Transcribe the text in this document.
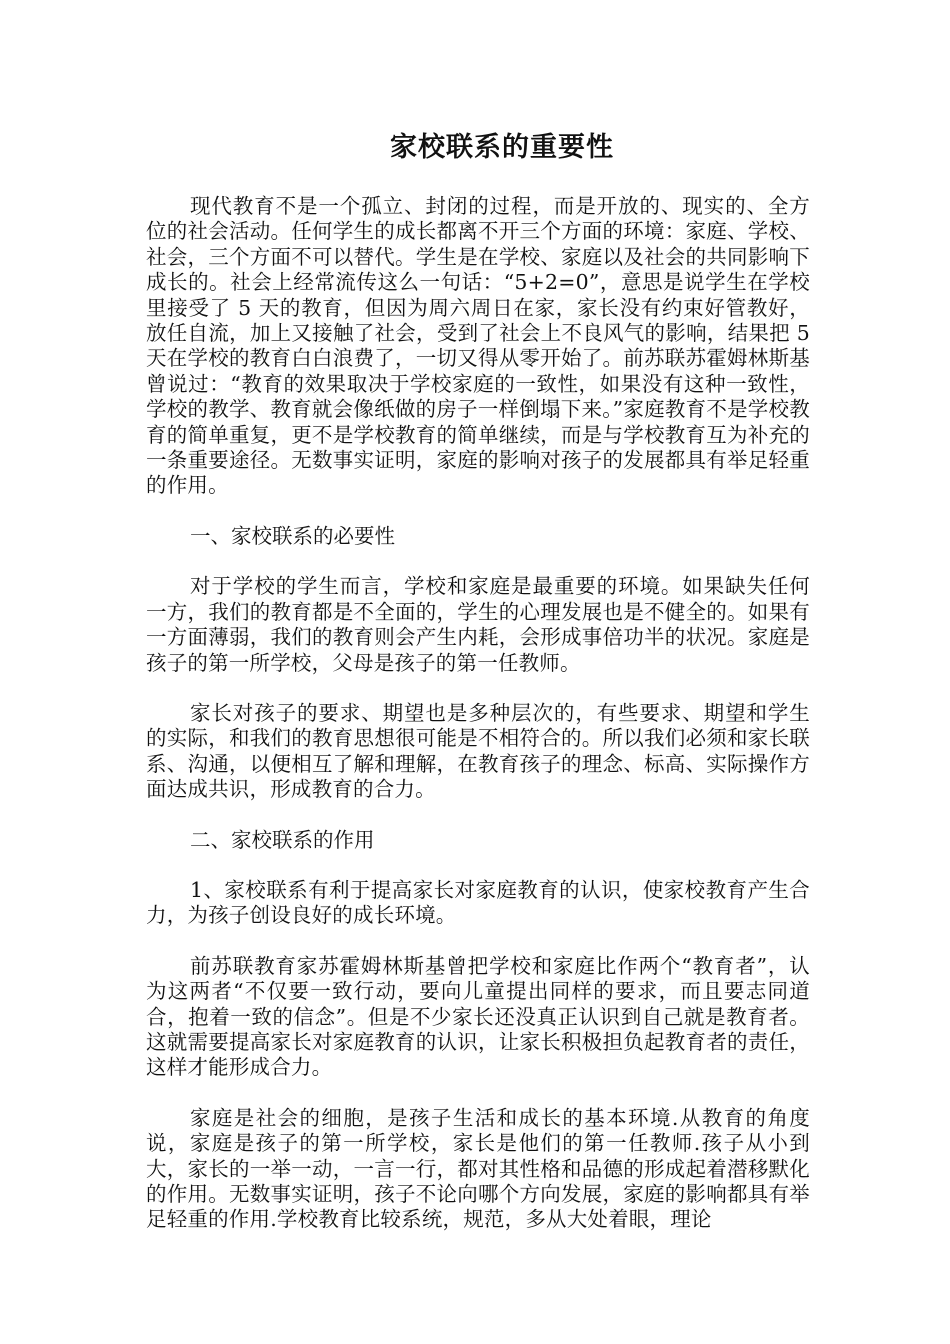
家校联系的重要性

现代教育不是一个孤立、封闭的过程，而是开放的、现实的、全方位的社会活动。任何学生的成长都离不开三个方面的环境：家庭、学校、社会，三个方面不可以替代。学生是在学校、家庭以及社会的共同影响下成长的。社会上经常流传这么一句话：“5+2=0”，意思是说学生在学校里接受了 5 天的教育，但因为周六周日在家，家长没有约束好管教好，放任自流，加上又接触了社会，受到了社会上不良风气的影响，结果把 5 天在学校的教育白白浪费了，一切又得从零开始了。前苏联苏霍姆林斯基曾说过：“教育的效果取决于学校家庭的一致性，如果没有这种一致性，学校的教学、教育就会像纸做的房子一样倒塌下来。”家庭教育不是学校教育的简单重复，更不是学校教育的简单继续，而是与学校教育互为补充的一条重要途径。无数事实证明，家庭的影响对孩子的发展都具有举足轻重的作用。

一、家校联系的必要性

对于学校的学生而言，学校和家庭是最重要的环境。如果缺失任何一方，我们的教育都是不全面的，学生的心理发展也是不健全的。如果有一方面薄弱，我们的教育则会产生内耗，会形成事倍功半的状况。家庭是孩子的第一所学校，父母是孩子的第一任教师。

家长对孩子的要求、期望也是多种层次的，有些要求、期望和学生的实际，和我们的教育思想很可能是不相符合的。所以我们必须和家长联系、沟通，以便相互了解和理解，在教育孩子的理念、标高、实际操作方面达成共识，形成教育的合力。

二、家校联系的作用

1、家校联系有利于提高家长对家庭教育的认识，使家校教育产生合力，为孩子创设良好的成长环境。

前苏联教育家苏霍姆林斯基曾把学校和家庭比作两个“教育者”，认为这两者“不仅要一致行动，要向儿童提出同样的要求，而且要志同道合，抱着一致的信念”。但是不少家长还没真正认识到自己就是教育者。这就需要提高家长对家庭教育的认识，让家长积极担负起教育者的责任，这样才能形成合力。

家庭是社会的细胞，是孩子生活和成长的基本环境.从教育的角度说，家庭是孩子的第一所学校，家长是他们的第一任教师.孩子从小到大，家长的一举一动，一言一行，都对其性格和品德的形成起着潜移默化的作用。无数事实证明，孩子不论向哪个方向发展，家庭的影响都具有举足轻重的作用.学校教育比较系统，规范，多从大处着眼，理论
